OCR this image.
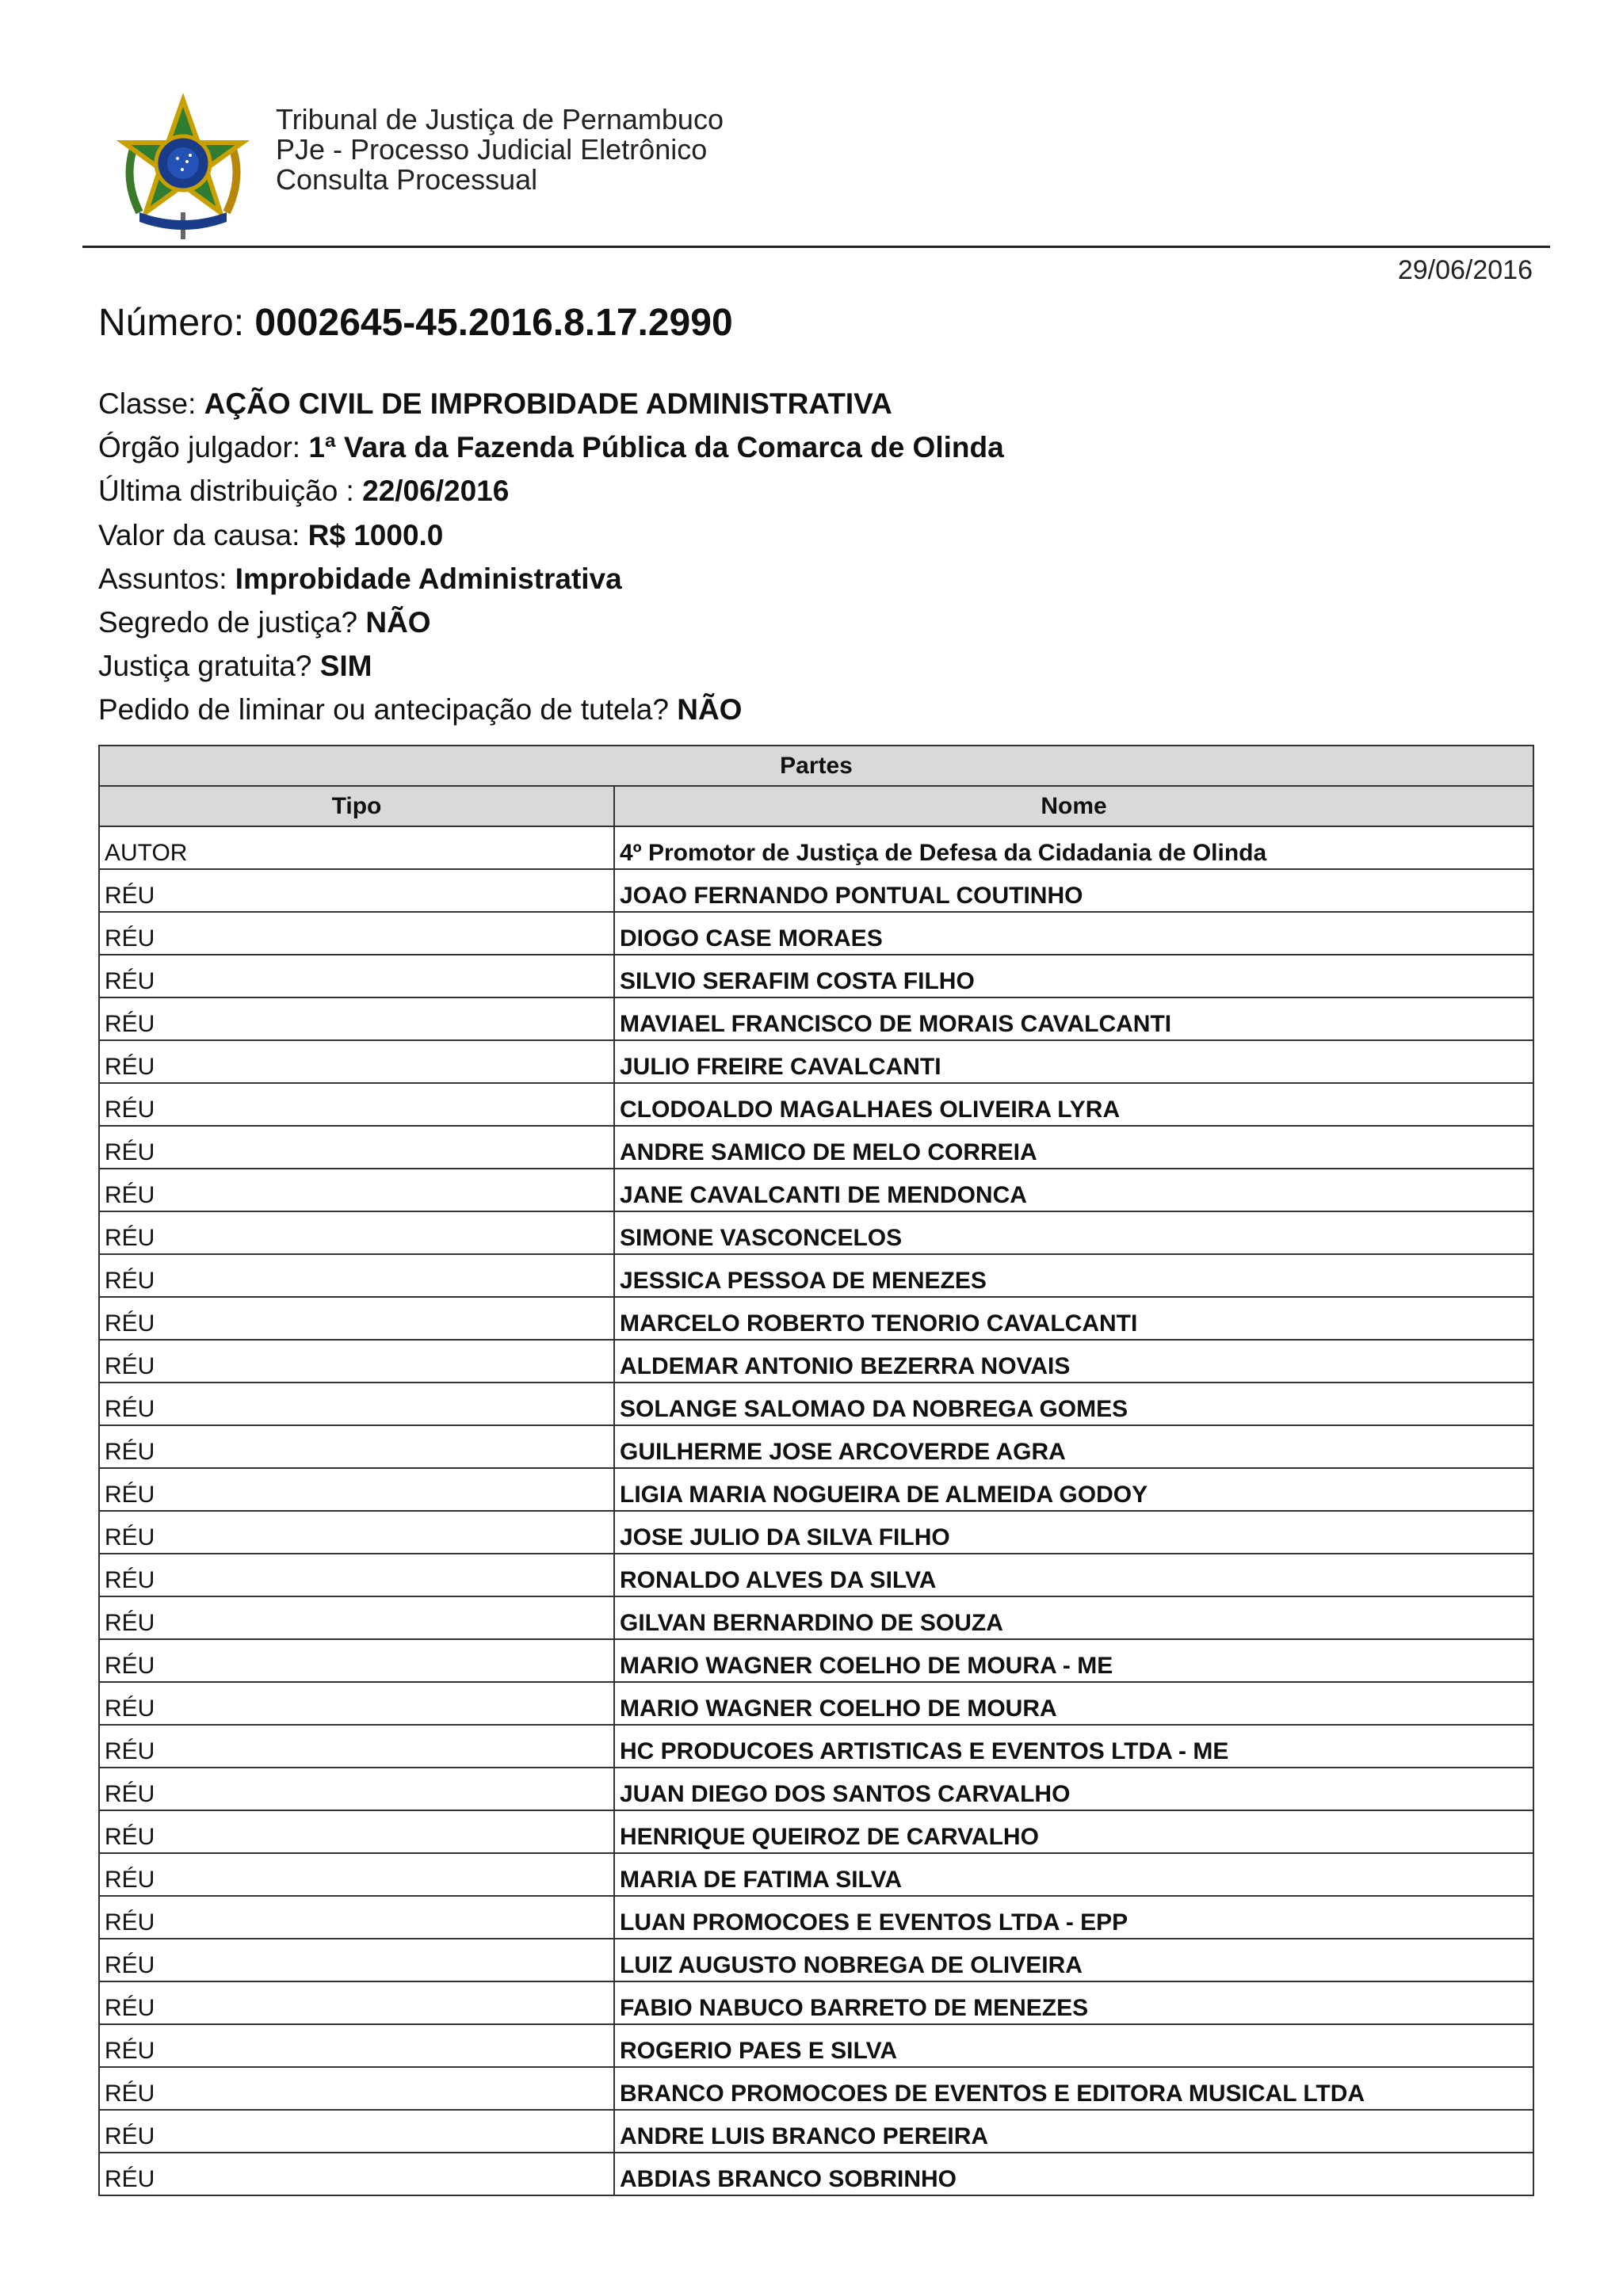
Tribunal de Justiça de Pernambuco
PJe - Processo Judicial Eletrônico
Consulta Processual
29/06/2016
Número: 0002645-45.2016.8.17.2990
Classe: AÇÃO CIVIL DE IMPROBIDADE ADMINISTRATIVA
Órgão julgador: 1ª Vara da Fazenda Pública da Comarca de Olinda
Última distribuição : 22/06/2016
Valor da causa: R$ 1000.0
Assuntos: Improbidade Administrativa
Segredo de justiça? NÃO
Justiça gratuita? SIM
Pedido de liminar ou antecipação de tutela? NÃO
Partes	
Tipo	Nome
AUTOR	4º Promotor de Justiça de Defesa da Cidadania de Olinda
RÉU	JOAO FERNANDO PONTUAL COUTINHO
RÉU	DIOGO CASE MORAES
RÉU	SILVIO SERAFIM COSTA FILHO
RÉU	MAVIAEL FRANCISCO DE MORAIS CAVALCANTI
RÉU	JULIO FREIRE CAVALCANTI
RÉU	CLODOALDO MAGALHAES OLIVEIRA LYRA
RÉU	ANDRE SAMICO DE MELO CORREIA
RÉU	JANE CAVALCANTI DE MENDONCA
RÉU	SIMONE VASCONCELOS
RÉU	JESSICA PESSOA DE MENEZES
RÉU	MARCELO ROBERTO TENORIO CAVALCANTI
RÉU	ALDEMAR ANTONIO BEZERRA NOVAIS
RÉU	SOLANGE SALOMAO DA NOBREGA GOMES
RÉU	GUILHERME JOSE ARCOVERDE AGRA
RÉU	LIGIA MARIA NOGUEIRA DE ALMEIDA GODOY
RÉU	JOSE JULIO DA SILVA FILHO
RÉU	RONALDO ALVES DA SILVA
RÉU	GILVAN BERNARDINO DE SOUZA
RÉU	MARIO WAGNER COELHO DE MOURA - ME
RÉU	MARIO WAGNER COELHO DE MOURA
RÉU	HC PRODUCOES ARTISTICAS E EVENTOS LTDA - ME
RÉU	JUAN DIEGO DOS SANTOS CARVALHO
RÉU	HENRIQUE QUEIROZ DE CARVALHO
RÉU	MARIA DE FATIMA SILVA
RÉU	LUAN PROMOCOES E EVENTOS LTDA - EPP
RÉU	LUIZ AUGUSTO NOBREGA DE OLIVEIRA
RÉU	FABIO NABUCO BARRETO DE MENEZES
RÉU	ROGERIO PAES E SILVA
RÉU	BRANCO PROMOCOES DE EVENTOS E EDITORA MUSICAL LTDA
RÉU	ANDRE LUIS BRANCO PEREIRA
RÉU	ABDIAS BRANCO SOBRINHO
